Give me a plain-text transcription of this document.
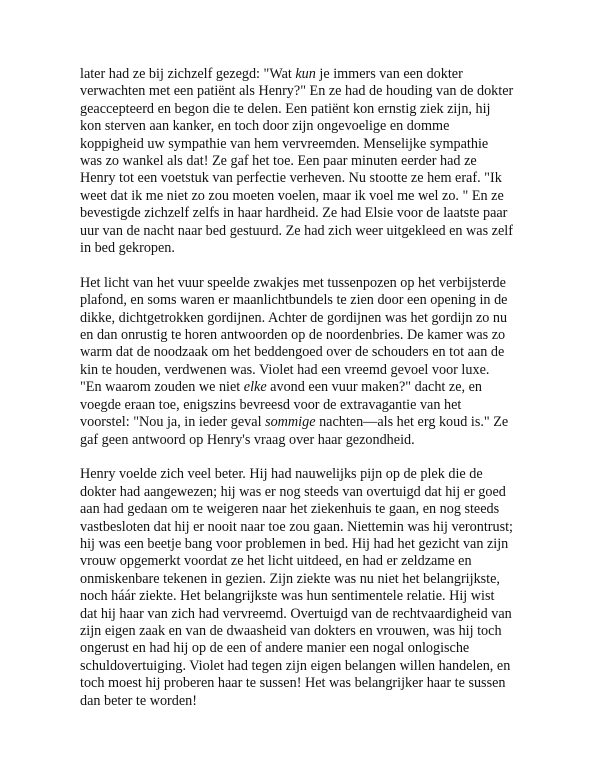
later had ze bij zichzelf gezegd: "Wat kun je immers van een dokter
verwachten met een patiënt als Henry?" En ze had de houding van de dokter
geaccepteerd en begon die te delen. Een patiënt kon ernstig ziek zijn, hij
kon sterven aan kanker, en toch door zijn ongevoelige en domme
koppigheid uw sympathie van hem vervreemden. Menselijke sympathie
was zo wankel als dat! Ze gaf het toe. Een paar minuten eerder had ze
Henry tot een voetstuk van perfectie verheven. Nu stootte ze hem eraf. "Ik
weet dat ik me niet zo zou moeten voelen, maar ik voel me wel zo. " En ze
bevestigde zichzelf zelfs in haar hardheid. Ze had Elsie voor de laatste paar
uur van de nacht naar bed gestuurd. Ze had zich weer uitgekleed en was zelf
in bed gekropen.
Het licht van het vuur speelde zwakjes met tussenpozen op het verbijsterde
plafond, en soms waren er maanlichtbundels te zien door een opening in de
dikke, dichtgetrokken gordijnen. Achter de gordijnen was het gordijn zo nu
en dan onrustig te horen antwoorden op de noordenbries. De kamer was zo
warm dat de noodzaak om het beddengoed over de schouders en tot aan de
kin te houden, verdwenen was. Violet had een vreemd gevoel voor luxe.
"En waarom zouden we niet elke avond een vuur maken?" dacht ze, en
voegde eraan toe, enigszins bevreesd voor de extravagantie van het
voorstel: "Nou ja, in ieder geval sommige nachten—als het erg koud is." Ze
gaf geen antwoord op Henry's vraag over haar gezondheid.
Henry voelde zich veel beter. Hij had nauwelijks pijn op de plek die de
dokter had aangewezen; hij was er nog steeds van overtuigd dat hij er goed
aan had gedaan om te weigeren naar het ziekenhuis te gaan, en nog steeds
vastbesloten dat hij er nooit naar toe zou gaan. Niettemin was hij verontrust;
hij was een beetje bang voor problemen in bed. Hij had het gezicht van zijn
vrouw opgemerkt voordat ze het licht uitdeed, en had er zeldzame en
onmiskenbare tekenen in gezien. Zijn ziekte was nu niet het belangrijkste,
noch háár ziekte. Het belangrijkste was hun sentimentele relatie. Hij wist
dat hij haar van zich had vervreemd. Overtuigd van de rechtvaardigheid van
zijn eigen zaak en van de dwaasheid van dokters en vrouwen, was hij toch
ongerust en had hij op de een of andere manier een nogal onlogische
schuldovertuiging. Violet had tegen zijn eigen belangen willen handelen, en
toch moest hij proberen haar te sussen! Het was belangrijker haar te sussen
dan beter te worden!
